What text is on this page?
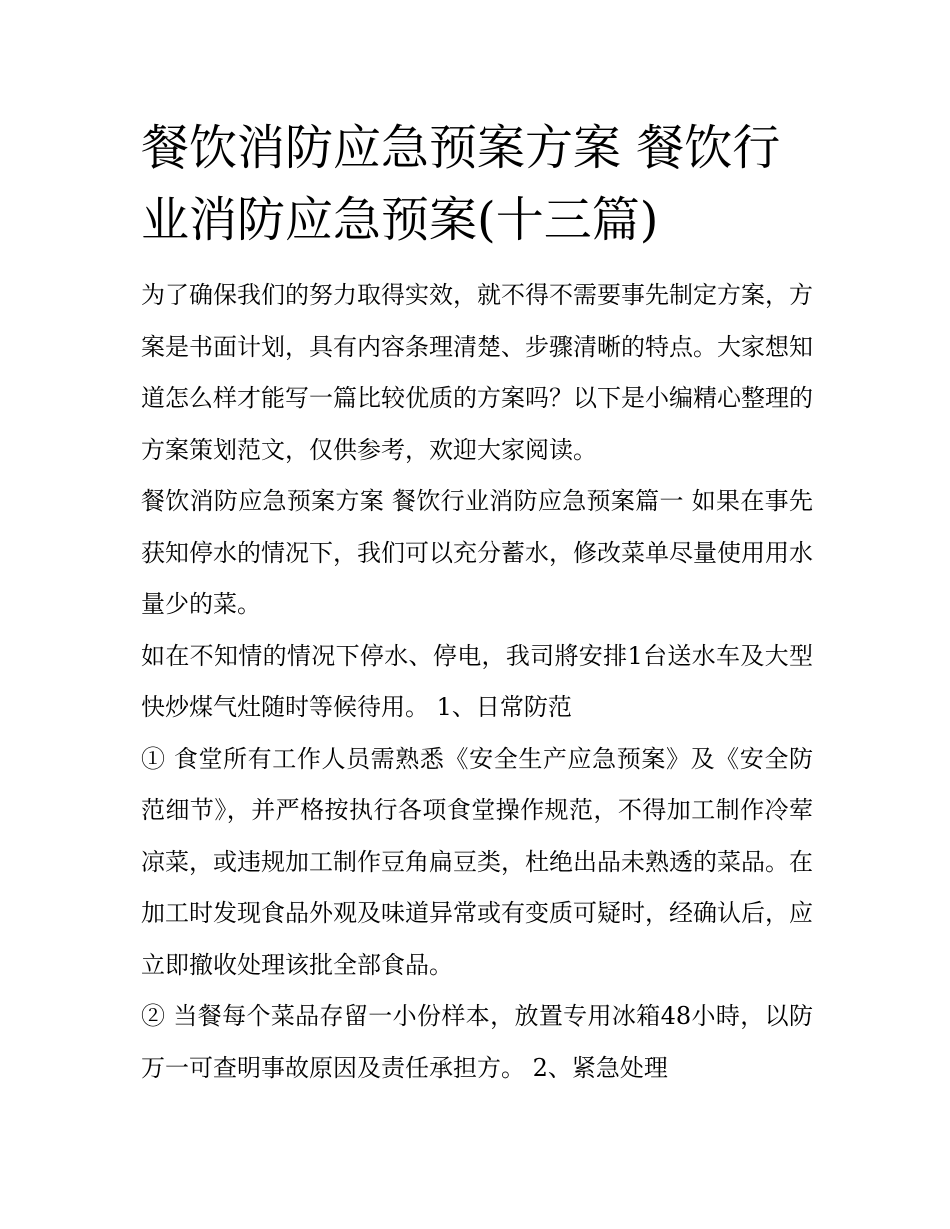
餐饮消防应急预案方案 餐饮行业消防应急预案(十三篇)

为了确保我们的努力取得实效，就不得不需要事先制定方案，方案是书面计划，具有内容条理清楚、步骤清晰的特点。大家想知道怎么样才能写一篇比较优质的方案吗？以下是小编精心整理的方案策划范文，仅供参考，欢迎大家阅读。

餐饮消防应急预案方案 餐饮行业消防应急预案篇一 如果在事先获知停水的情况下，我们可以充分蓄水，修改菜单尽量使用用水量少的菜。

如在不知情的情况下停水、停电，我司將安排1台送水车及大型快炒煤气灶随时等候待用。 1、日常防范

① 食堂所有工作人员需熟悉《安全生产应急预案》及《安全防范细节》，并严格按执行各项食堂操作规范，不得加工制作冷荤凉菜，或违规加工制作豆角扁豆类，杜绝出品未熟透的菜品。在加工时发现食品外观及味道异常或有变质可疑时，经确认后，应立即撤收处理该批全部食品。

② 当餐每个菜品存留一小份样本，放置专用冰箱48小時，以防万一可查明事故原因及责任承担方。 2、紧急处理
